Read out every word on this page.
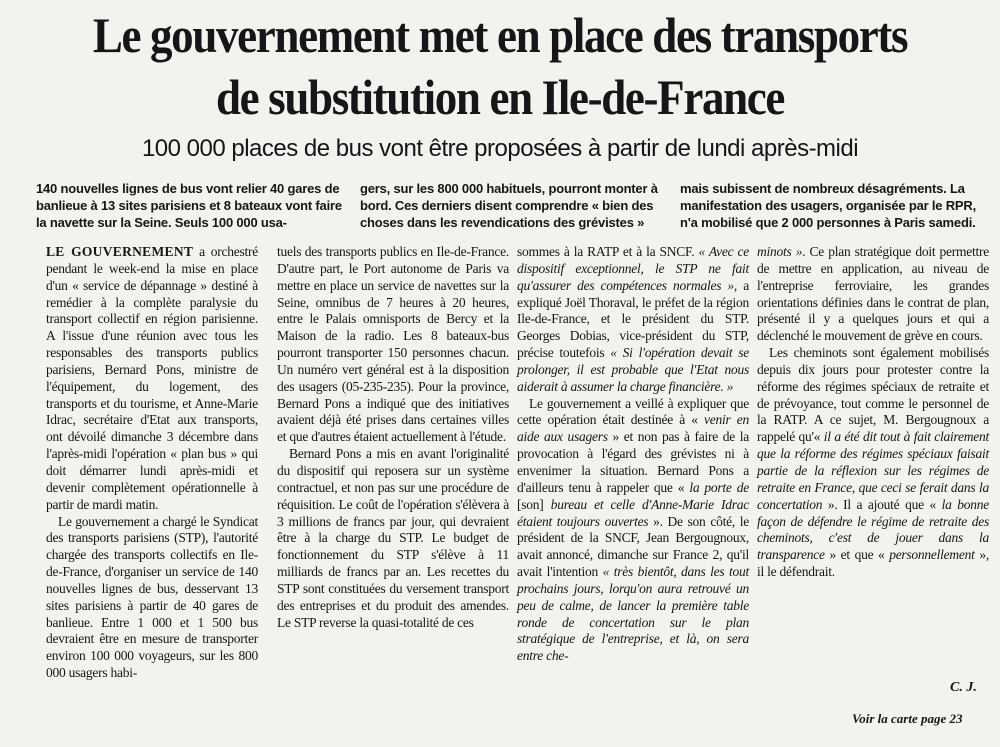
Le gouvernement met en place des transports de substitution en Ile-de-France
100 000 places de bus vont être proposées à partir de lundi après-midi

140 nouvelles lignes de bus vont relier 40 gares de banlieue à 13 sites parisiens et 8 bateaux vont faire la navette sur la Seine. Seuls 100 000 usa-

gers, sur les 800 000 habituels, pourront monter à bord. Ces derniers disent comprendre « bien des choses dans les revendications des grévistes »

mais subissent de nombreux désagréments. La manifestation des usagers, organisée par le RPR, n'a mobilisé que 2 000 personnes à Paris samedi.

LE GOUVERNEMENT a orchestré pendant le week-end la mise en place d'un « service de dépannage » destiné à remédier à la complète paralysie du transport collectif en région parisienne. A l'issue d'une réunion avec tous les responsables des transports publics parisiens, Bernard Pons, ministre de l'équipement, du logement, des transports et du tourisme, et Anne-Marie Idrac, secrétaire d'Etat aux transports, ont dévoilé dimanche 3 décembre dans l'après-midi l'opération « plan bus » qui doit démarrer lundi après-midi et devenir complètement opérationnelle à partir de mardi matin.

Le gouvernement a chargé le Syndicat des transports parisiens (STP), l'autorité chargée des transports collectifs en Ile-de-France, d'organiser un service de 140 nouvelles lignes de bus, desservant 13 sites parisiens à partir de 40 gares de banlieue. Entre 1 000 et 1 500 bus devraient être en mesure de transporter environ 100 000 voyageurs, sur les 800 000 usagers habi-

tuels des transports publics en Ile-de-France. D'autre part, le Port autonome de Paris va mettre en place un service de navettes sur la Seine, omnibus de 7 heures à 20 heures, entre le Palais omnisports de Bercy et la Maison de la radio. Les 8 bateaux-bus pourront transporter 150 personnes chacun. Un numéro vert général est à la disposition des usagers (05-235-235). Pour la province, Bernard Pons a indiqué que des initiatives avaient déjà été prises dans certaines villes et que d'autres étaient actuellement à l'étude.

Bernard Pons a mis en avant l'originalité du dispositif qui reposera sur un système contractuel, et non pas sur une procédure de réquisition. Le coût de l'opération s'élèvera à 3 millions de francs par jour, qui devraient être à la charge du STP. Le budget de fonctionnement du STP s'élève à 11 milliards de francs par an. Les recettes du STP sont constituées du versement transport des entreprises et du produit des amendes. Le STP reverse la quasi-totalité de ces

sommes à la RATP et à la SNCF. « Avec ce dispositif exceptionnel, le STP ne fait qu'assurer des compétences normales », a expliqué Joël Thoraval, le préfet de la région Ile-de-France, et le président du STP. Georges Dobias, vice-président du STP, précise toutefois « Si l'opération devait se prolonger, il est probable que l'Etat nous aiderait à assumer la charge financière. »

Le gouvernement a veillé à expliquer que cette opération était destinée à « venir en aide aux usagers » et non pas à faire de la provocation à l'égard des grévistes ni à envenimer la situation. Bernard Pons a d'ailleurs tenu à rappeler que « la porte de [son] bureau et celle d'Anne-Marie Idrac étaient toujours ouvertes ». De son côté, le président de la SNCF, Jean Bergougnoux, avait annoncé, dimanche sur France 2, qu'il avait l'intention « très bientôt, dans les tout prochains jours, lorqu'on aura retrouvé un peu de calme, de lancer la première table ronde de concertation sur le plan stratégique de l'entreprise, et là, on sera entre che-

minots ». Ce plan stratégique doit permettre de mettre en application, au niveau de l'entreprise ferroviaire, les grandes orientations définies dans le contrat de plan, présenté il y a quelques jours et qui a déclenché le mouvement de grève en cours.

Les cheminots sont également mobilisés depuis dix jours pour protester contre la réforme des régimes spéciaux de retraite et de prévoyance, tout comme le personnel de la RATP. A ce sujet, M. Bergougnoux a rappelé qu'« il a été dit tout à fait clairement que la réforme des régimes spéciaux faisait partie de la réflexion sur les régimes de retraite en France, que ceci se ferait dans la concertation ». Il a ajouté que « la bonne façon de défendre le régime de retraite des cheminots, c'est de jouer dans la transparence » et que « personnellement », il le défendrait.

C. J.
Voir la carte page 23
